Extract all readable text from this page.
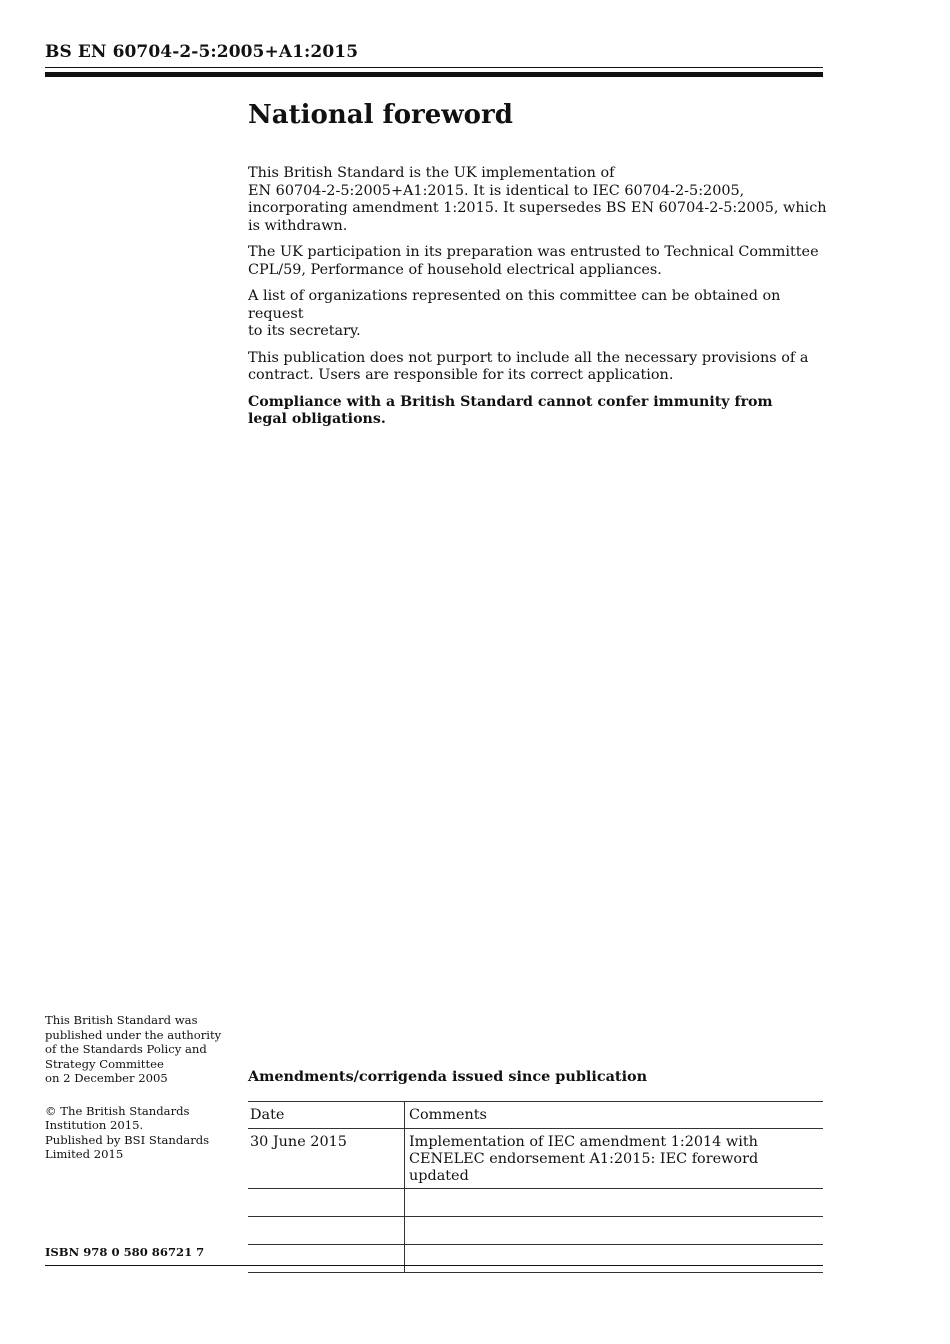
BS EN 60704-2-5:2005+A1:2015
National foreword

This British Standard is the UK implementation of
EN 60704-2-5:2005+A1:2015. It is identical to IEC 60704-2-5:2005,
incorporating amendment 1:2015. It supersedes BS EN 60704-2-5:2005, which
is withdrawn.

The UK participation in its preparation was entrusted to Technical Committee
CPL/59, Performance of household electrical appliances.

A list of organizations represented on this committee can be obtained on request
to its secretary.

This publication does not purport to include all the necessary provisions of a
contract. Users are responsible for its correct application.

Compliance with a British Standard cannot confer immunity from
legal obligations.

This British Standard was
published under the authority
of the Standards Policy and
Strategy Committee
on 2 December 2005

© The British Standards
Institution 2015.
Published by BSI Standards
Limited 2015

ISBN 978 0 580 86721 7

Amendments/corrigenda issued since publication
Date	Comments
30 June 2015	Implementation of IEC amendment 1:2014 with
CENELEC endorsement A1:2015: IEC foreword updated
